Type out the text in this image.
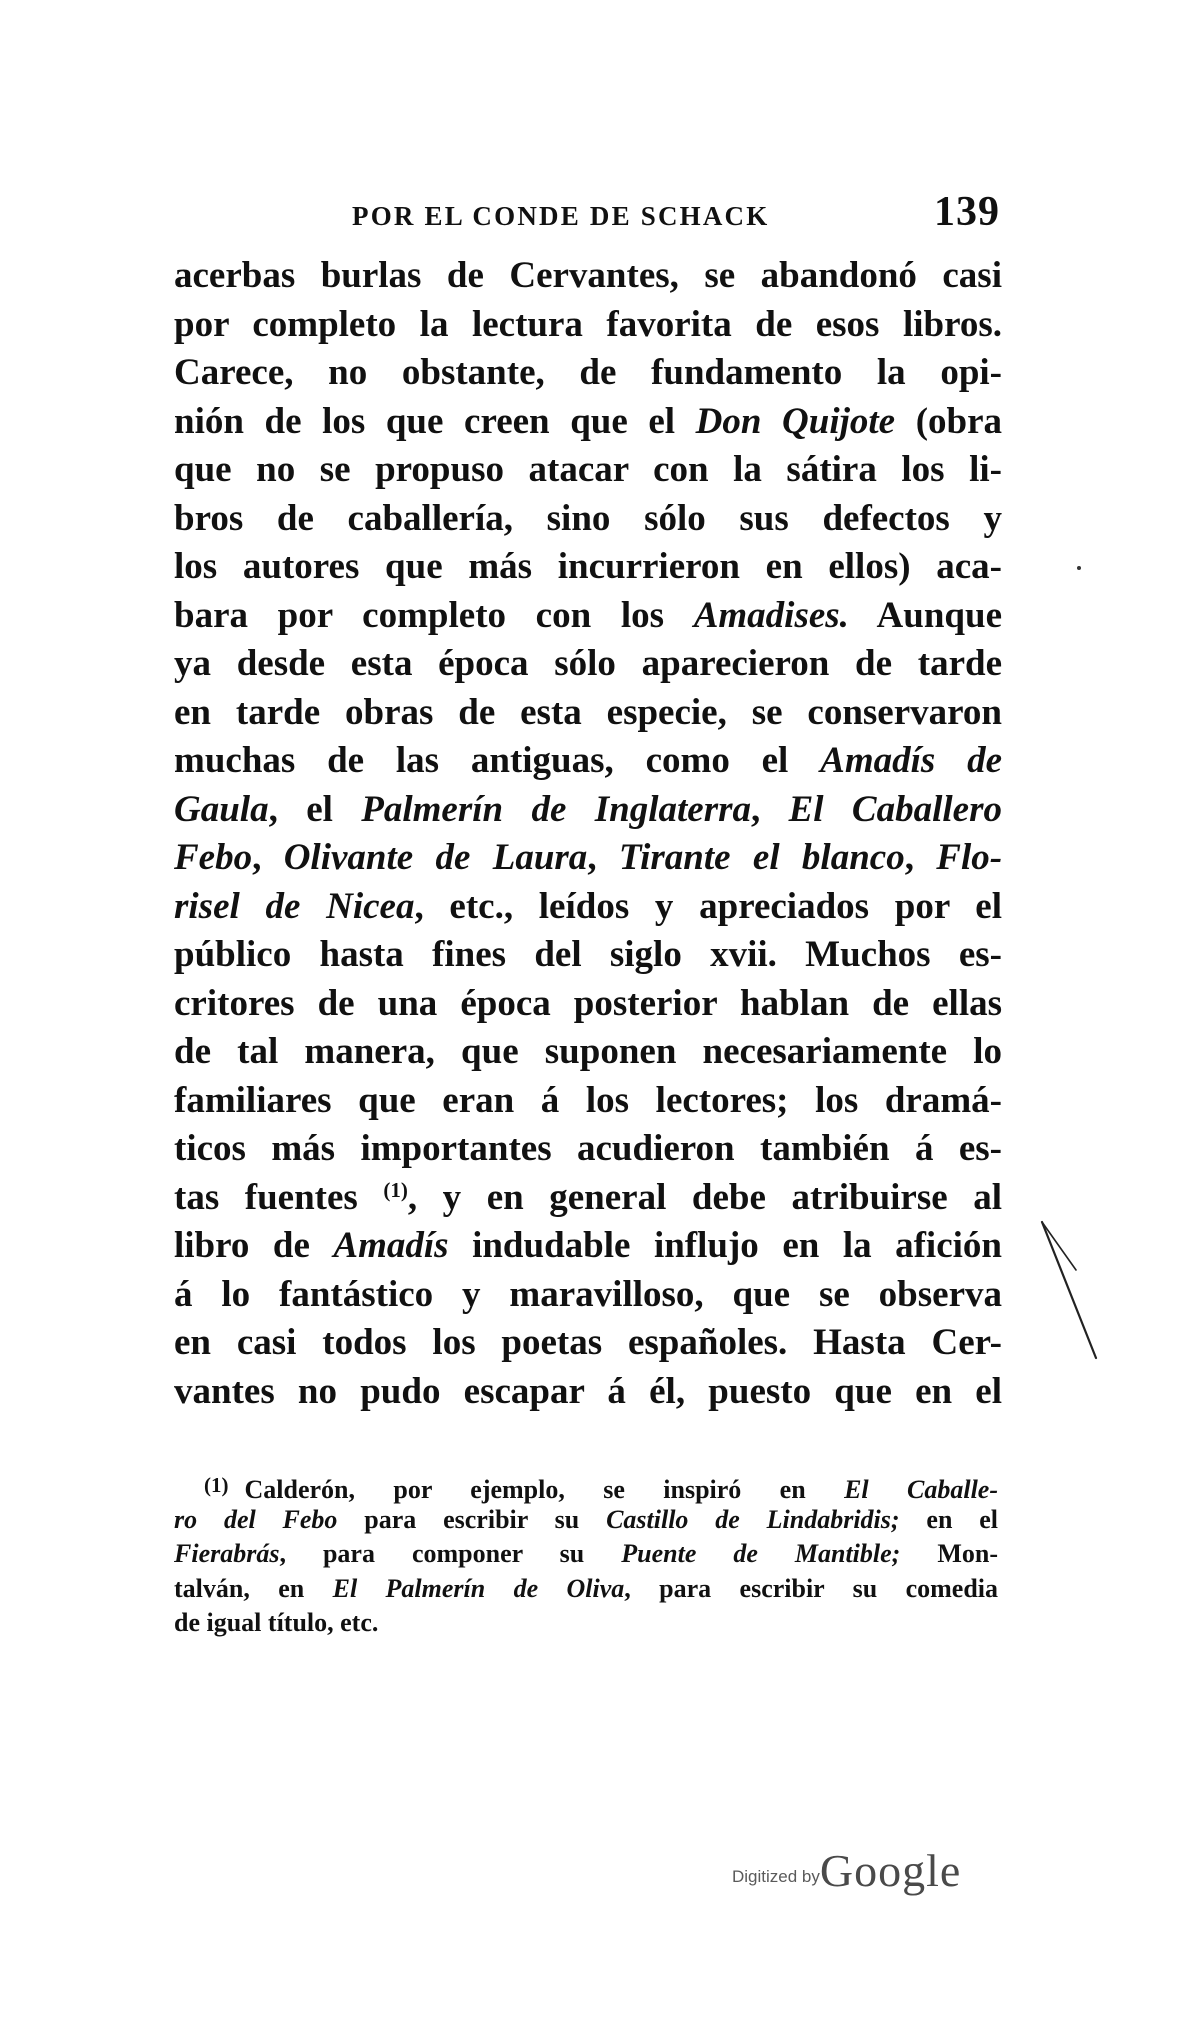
POR EL CONDE DE SCHACK	139
acerbas burlas de Cervantes, se abandonó casi
por completo la lectura favorita de esos libros.
Carece, no obstante, de fundamento la opi-
nión de los que creen que el Don Quijote (obra
que no se propuso atacar con la sátira los li-
bros de caballería, sino sólo sus defectos y
los autores que más incurrieron en ellos) aca-
bara por completo con los Amadises. Aunque
ya desde esta época sólo aparecieron de tarde
en tarde obras de esta especie, se conservaron
muchas de las antiguas, como el Amadís de
Gaula, el Palmerín de Inglaterra, El Caballero
Febo, Olivante de Laura, Tirante el blanco, Flo-
risel de Nicea, etc., leídos y apreciados por el
público hasta fines del siglo xvii. Muchos es-
critores de una época posterior hablan de ellas
de tal manera, que suponen necesariamente lo
familiares que eran á los lectores; los dramá-
ticos más importantes acudieron también á es-
tas fuentes $^{(1)}$, y en general debe atribuirse al
libro de Amadís indudable influjo en la afición
á lo fantástico y maravilloso, que se observa
en casi todos los poetas españoles. Hasta Cer-
vantes no pudo escapar á él, puesto que en el
$^{(1)}$ Calderón, por ejemplo, se inspiró en El Caballe-
ro del Febo para escribir su Castillo de Lindabridis; en el
Fierabrás, para componer su Puente de Mantible; Mon-
talván, en El Palmerín de Oliva, para escribir su comedia
de igual título, etc.
Digitized byGoogle
